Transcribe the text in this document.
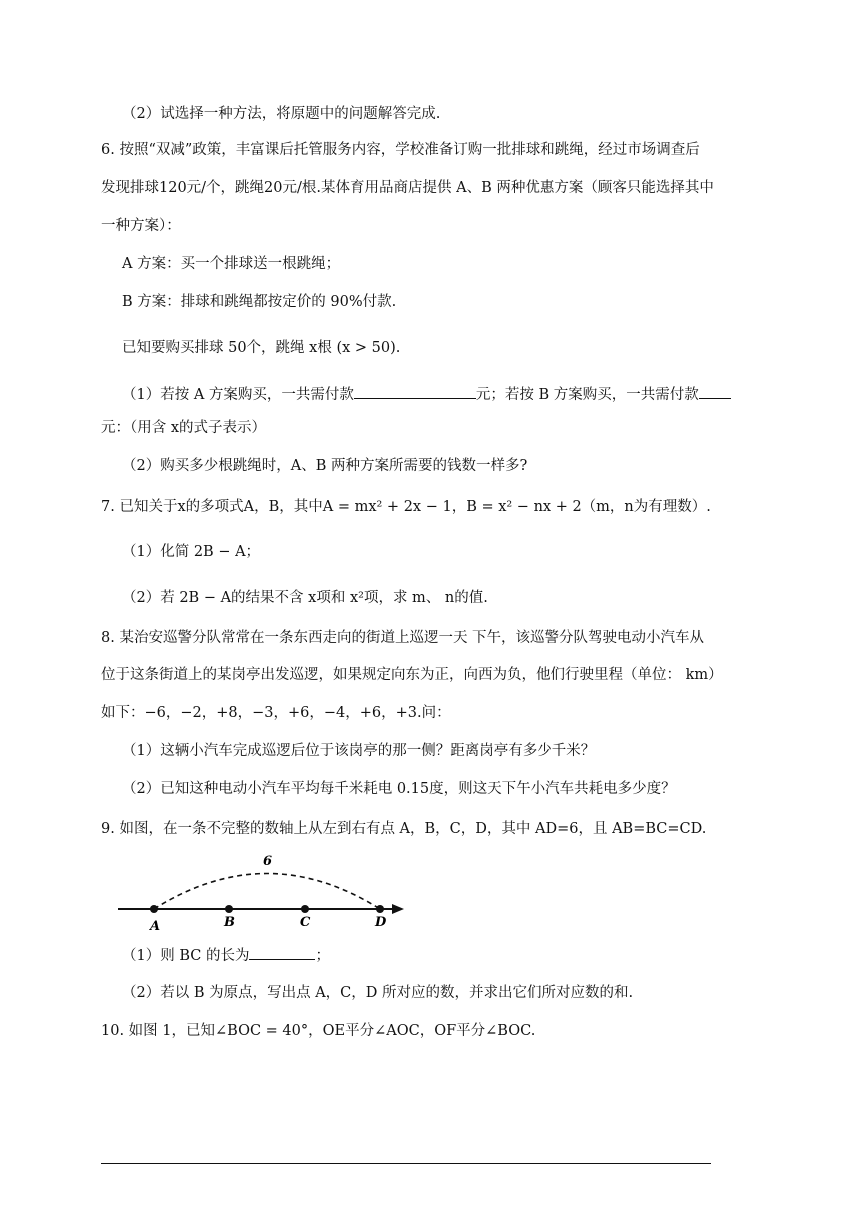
（2）试选择一种方法，将原题中的问题解答完成.
6. 按照“双减”政策，丰富课后托管服务内容，学校准备订购一批排球和跳绳，经过市场调查后
发现排球120元/个，跳绳20元/根.某体育用品商店提供 A、B 两种优惠方案（顾客只能选择其中
一种方案）：
A 方案：买一个排球送一根跳绳；
B 方案：排球和跳绳都按定价的 90%付款.
已知要购买排球 50个，跳绳 x根 (x > 50).
（1）若按 A 方案购买，一共需付款	元；若按 B 方案购买，一共需付款
元：（用含 x的式子表示）
（2）购买多少根跳绳时，A、B 两种方案所需要的钱数一样多?
7. 已知关于x的多项式A，B，其中A = mx² + 2x − 1，B = x² − nx + 2（m，n为有理数）.
（1）化简 2B − A；
（2）若 2B − A的结果不含 x项和 x²项，求 m、 n的值.
8. 某治安巡警分队常常在一条东西走向的街道上巡逻一天 下午，该巡警分队驾驶电动小汽车从
位于这条街道上的某岗亭出发巡逻，如果规定向东为正，向西为负，他们行驶里程（单位： km）
如下：−6，−2，+8，−3，+6，−4，+6，+3.问：
（1）这辆小汽车完成巡逻后位于该岗亭的那一侧？距离岗亭有多少千米？
（2）已知这种电动小汽车平均每千米耗电 0.15度，则这天下午小汽车共耗电多少度？
9. 如图，在一条不完整的数轴上从左到右有点 A，B，C，D，其中 AD=6，且 AB=BC=CD.
6
A	B	C	D
（1）则 BC 的长为	；
（2）若以 B 为原点，写出点 A，C，D 所对应的数，并求出它们所对应数的和.
10. 如图 1，已知∠BOC = 40°，OE平分∠AOC，OF平分∠BOC.
